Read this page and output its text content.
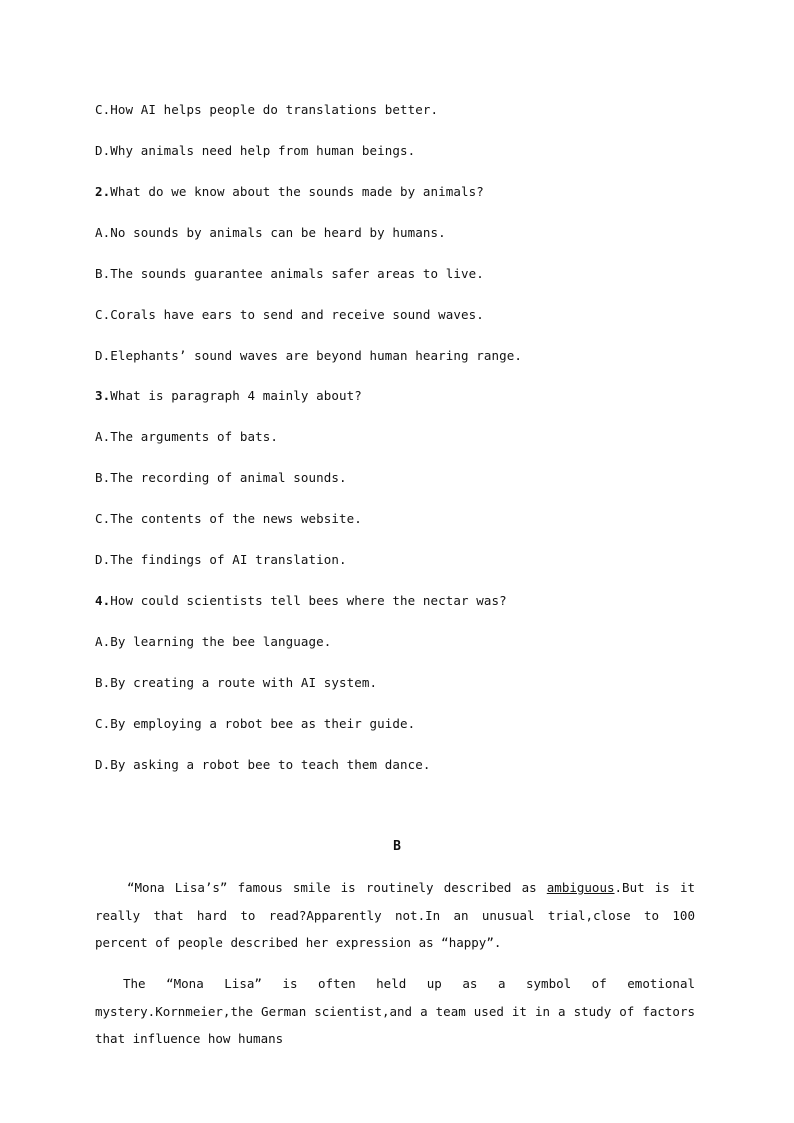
C.How AI helps people do translations better.
D.Why animals need help from human beings.
2.What do we know about the sounds made by animals?
A.No sounds by animals can be heard by humans.
B.The sounds guarantee animals safer areas to live.
C.Corals have ears to send and receive sound waves.
D.Elephants’ sound waves are beyond human hearing range.
3.What is paragraph 4 mainly about?
A.The arguments of bats.
B.The recording of animal sounds.
C.The contents of the news website.
D.The findings of AI translation.
4.How could scientists tell bees where the nectar was?
A.By learning the bee language.
B.By creating a route with AI system.
C.By employing a robot bee as their guide.
D.By asking a robot bee to teach them dance.
B
“Mona Lisa’s” famous smile is routinely described as ambiguous.But is it really that hard to read?Apparently not.In an unusual trial,close to 100 percent of people described her expression as “happy”.
The “Mona Lisa” is often held up as a symbol of emotional mystery.Kornmeier,the German scientist,and a team used it in a study of factors that influence how humans
